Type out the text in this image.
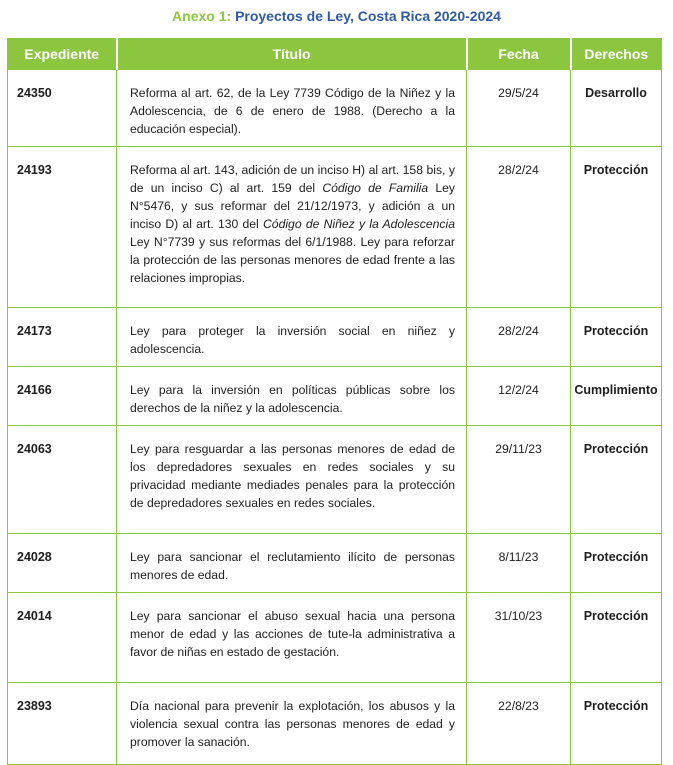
Anexo 1: Proyectos de Ley, Costa Rica 2020-2024
Expediente	Título	Fecha	Derechos
24350	Reforma al art. 62, de la Ley 7739 Código de la Niñez y la Adolescencia, de 6 de enero de 1988. (Derecho a la educación especial).	29/5/24	Desarrollo
24193	Reforma al art. 143, adición de un inciso H) al art. 158 bis, y de un inciso C) al art. 159 del Código de Familia Ley N°5476, y sus reformar del 21/12/1973, y adición a un inciso D) al art. 130 del Código de Niñez y la Adolescencia Ley N°7739 y sus reformas del 6/1/1988. Ley para reforzar la protección de las personas menores de edad frente a las relaciones impropias.	28/2/24	Protección
24173	Ley para proteger la inversión social en niñez y adolescencia.	28/2/24	Protección
24166	Ley para la inversión en políticas públicas sobre los derechos de la niñez y la adolescencia.	12/2/24	Cumplimiento
24063	Ley para resguardar a las personas menores de edad de los depredadores sexuales en redes sociales y su privacidad mediante mediades penales para la protección de depredadores sexuales en redes sociales.	29/11/23	Protección
24028	Ley para sancionar el reclutamiento ilícito de personas menores de edad.	8/11/23	Protección
24014	Ley para sancionar el abuso sexual hacia una persona menor de edad y las acciones de tute-la administrativa a favor de niñas en estado de gestación.	31/10/23	Protección
23893	Día nacional para prevenir la explotación, los abusos y la violencia sexual contra las personas menores de edad y promover la sanación.	22/8/23	Protección
